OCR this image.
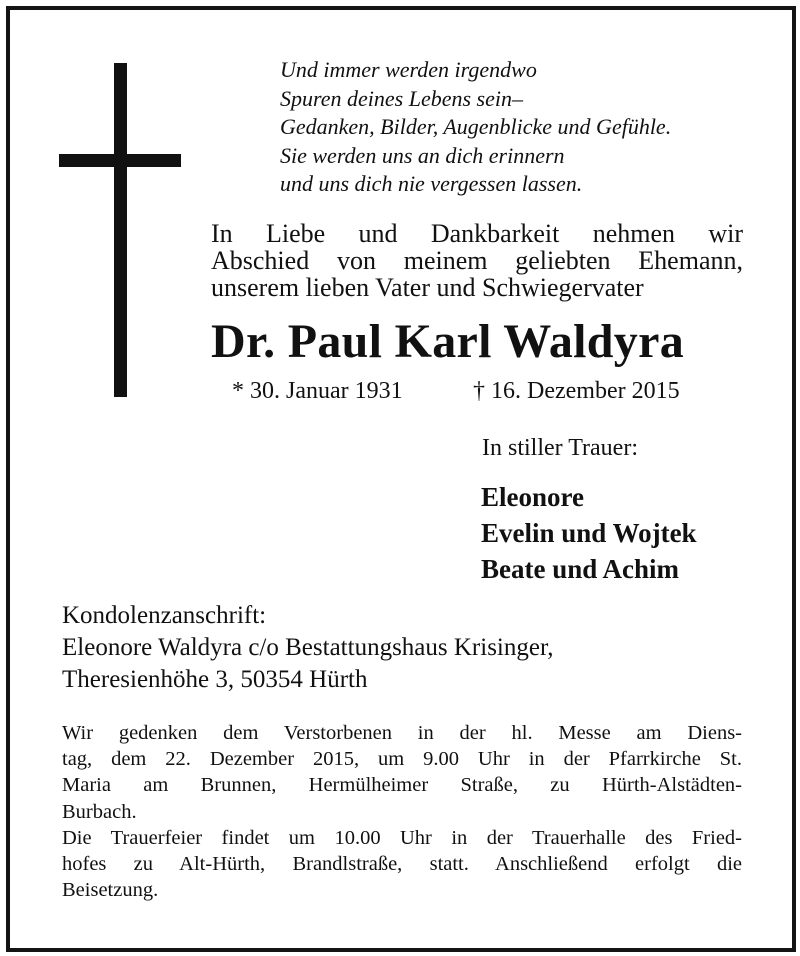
Und immer werden irgendwo
Spuren deines Lebens sein–
Gedanken, Bilder, Augenblicke und Gefühle.
Sie werden uns an dich erinnern
und uns dich nie vergessen lassen.
In Liebe und Dankbarkeit nehmen wir
Abschied von meinem geliebten Ehemann,
unserem lieben Vater und Schwiegervater
Dr. Paul Karl Waldyra
* 30. Januar 1931	† 16. Dezember 2015
In stiller Trauer:
Eleonore
Evelin und Wojtek
Beate und Achim
Kondolenzanschrift:
Eleonore Waldyra c/o Bestattungshaus Krisinger,
Theresienhöhe 3, 50354 Hürth
Wir gedenken dem Verstorbenen in der hl. Messe am Diens-
tag, dem 22. Dezember 2015, um 9.00 Uhr in der Pfarrkirche St.
Maria am Brunnen, Hermülheimer Straße, zu Hürth-Alstädten-
Burbach.
Die Trauerfeier findet um 10.00 Uhr in der Trauerhalle des Fried-
hofes zu Alt-Hürth, Brandlstraße, statt. Anschließend erfolgt die
Beisetzung.
